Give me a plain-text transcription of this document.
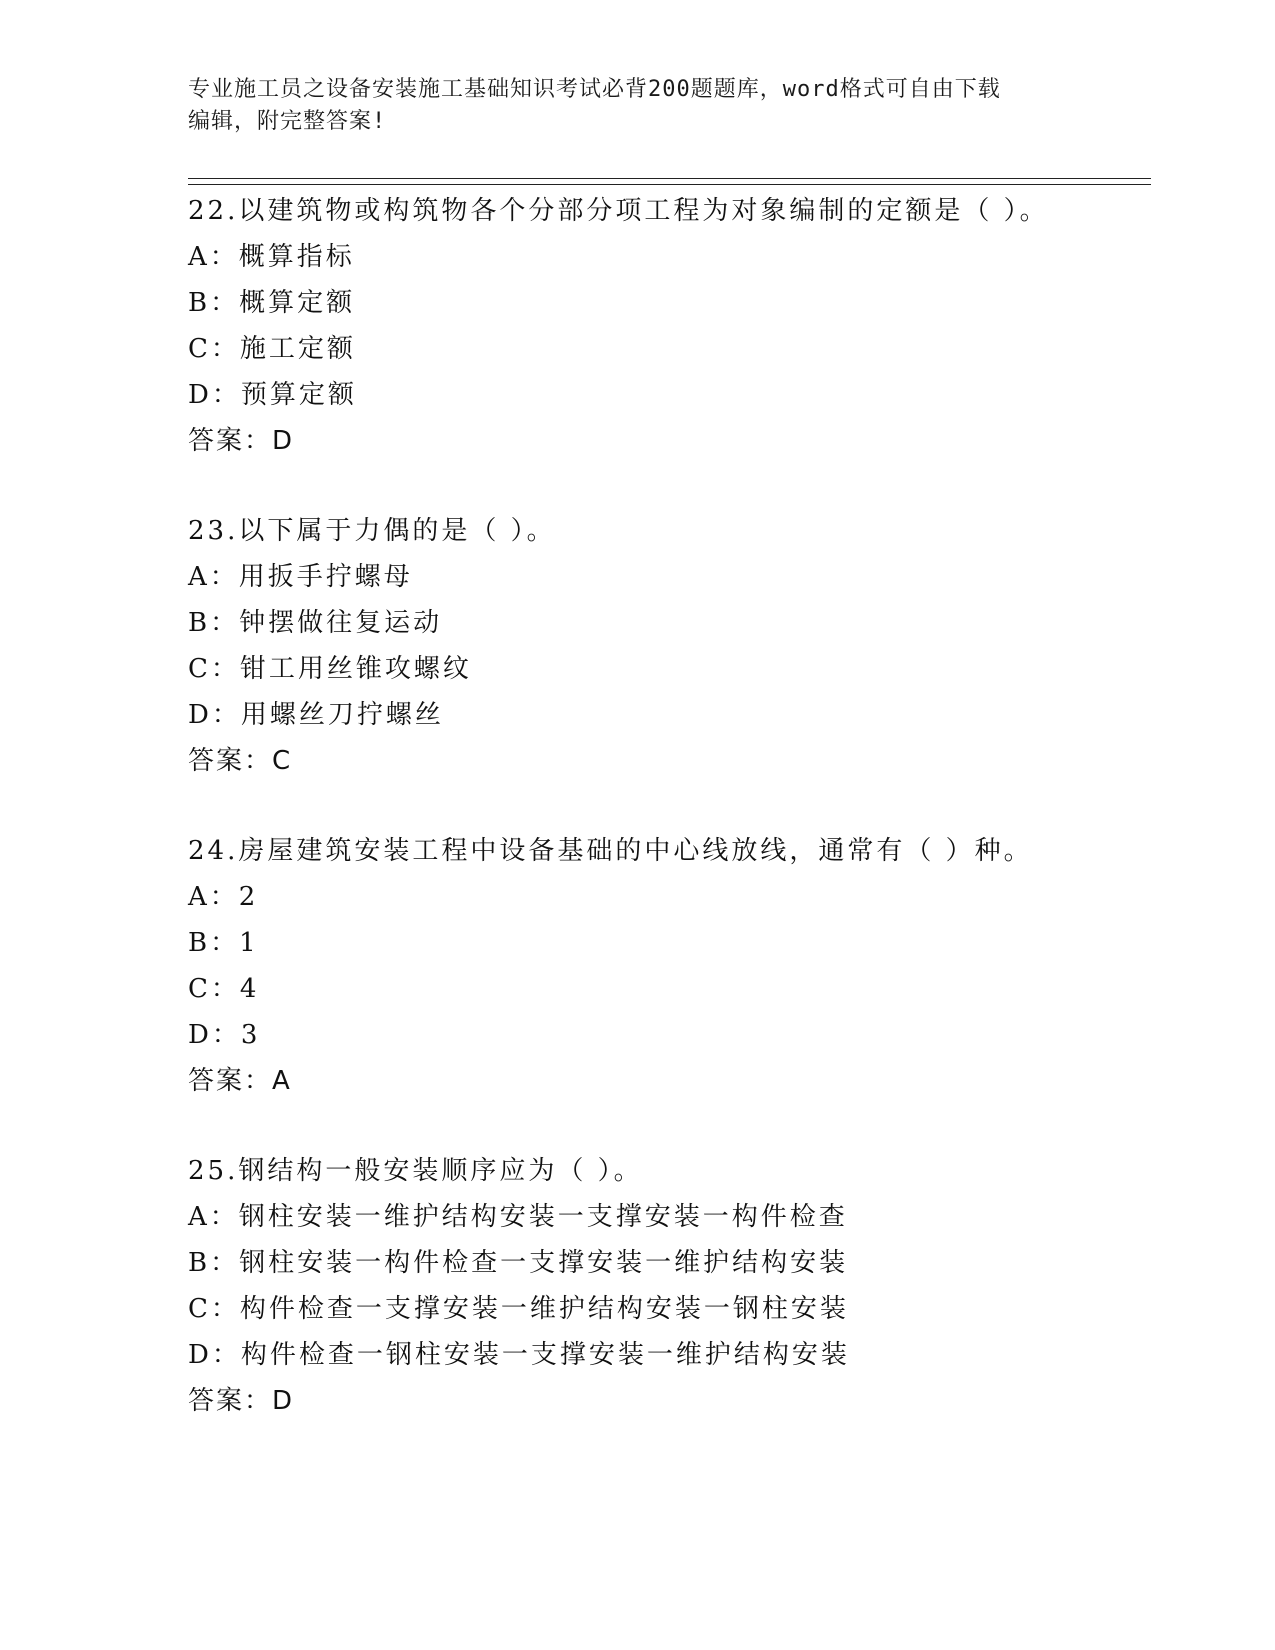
专业施工员之设备安装施工基础知识考试必背200题题库，word格式可自由下载
编辑，附完整答案!
22.以建筑物或构筑物各个分部分项工程为对象编制的定额是（ ）。
A：概算指标
B：概算定额
C：施工定额
D：预算定额
答案：D
23.以下属于力偶的是（ ）。
A：用扳手拧螺母
B：钟摆做往复运动
C：钳工用丝锥攻螺纹
D：用螺丝刀拧螺丝
答案：C
24.房屋建筑安装工程中设备基础的中心线放线，通常有（ ）种。
A：2
B：1
C：4
D：3
答案：A
25.钢结构一般安装顺序应为（ ）。
A：钢柱安装一维护结构安装一支撑安装一构件检查
B：钢柱安装一构件检查一支撑安装一维护结构安装
C：构件检查一支撑安装一维护结构安装一钢柱安装
D：构件检查一钢柱安装一支撑安装一维护结构安装
答案：D
